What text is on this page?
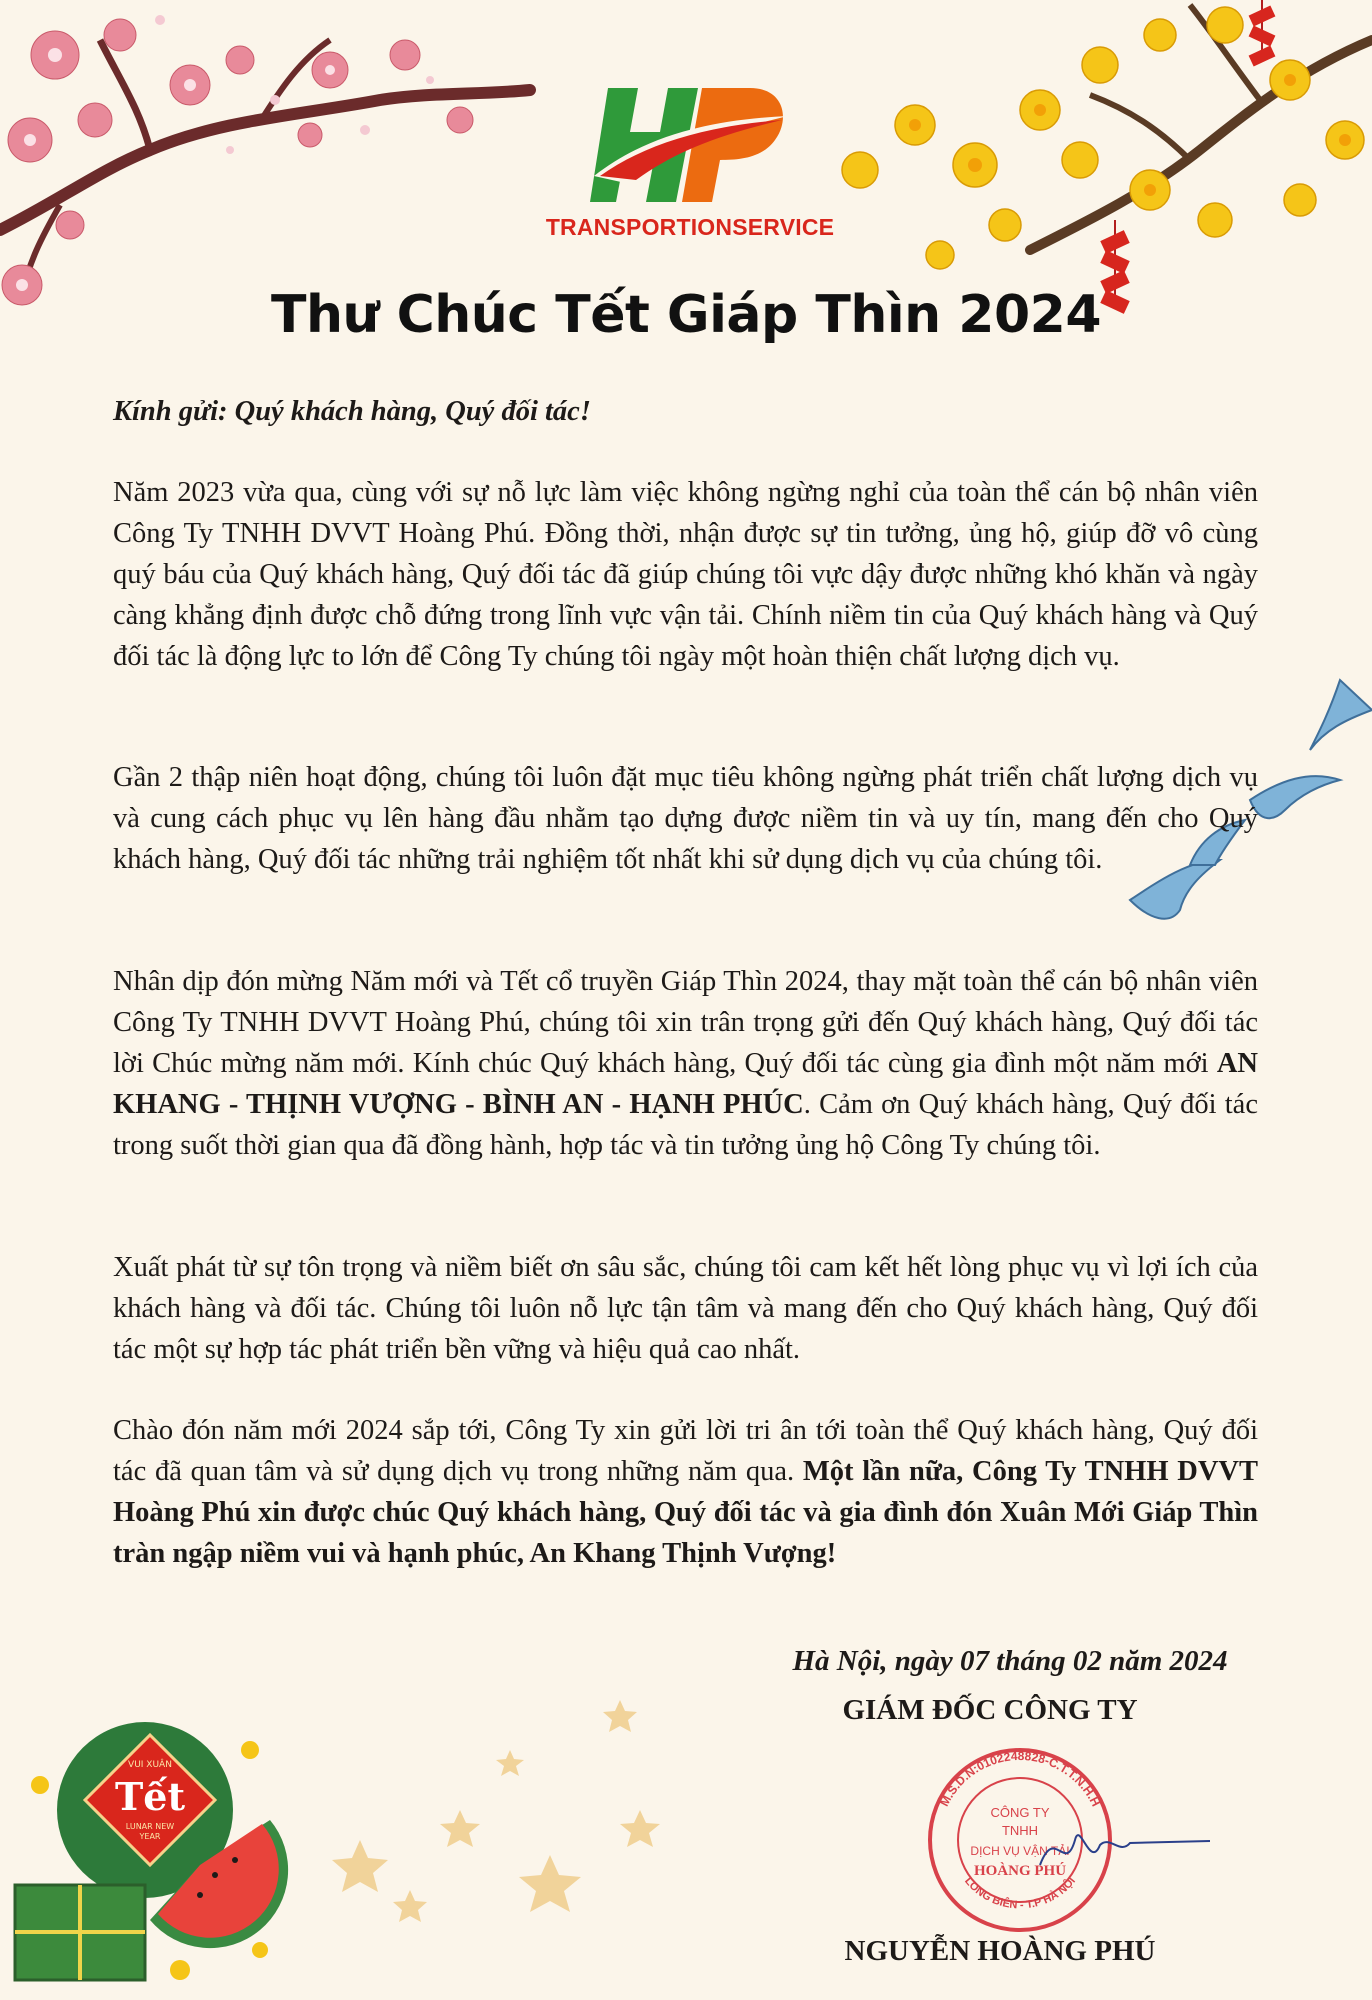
VUI XUÂN
Tết
LUNAR NEW YEAR
TRANSPORTIONSERVICE
Thư Chúc Tết Giáp Thìn 2024
Kính gửi: Quý khách hàng, Quý đối tác!

Năm 2023 vừa qua, cùng với sự nỗ lực làm việc không ngừng nghỉ của toàn thể cán bộ nhân viên Công Ty TNHH DVVT Hoàng Phú. Đồng thời, nhận được sự tin tưởng, ủng hộ, giúp đỡ vô cùng quý báu của Quý khách hàng, Quý đối tác đã giúp chúng tôi vực dậy được những khó khăn và ngày càng khẳng định được chỗ đứng trong lĩnh vực vận tải. Chính niềm tin của Quý khách hàng và Quý đối tác là động lực to lớn để Công Ty chúng tôi ngày một hoàn thiện chất lượng dịch vụ.

Gần 2 thập niên hoạt động, chúng tôi luôn đặt mục tiêu không ngừng phát triển chất lượng dịch vụ và cung cách phục vụ lên hàng đầu nhằm tạo dựng được niềm tin và uy tín, mang đến cho Quý khách hàng, Quý đối tác những trải nghiệm tốt nhất khi sử dụng dịch vụ của chúng tôi.

Nhân dịp đón mừng Năm mới và Tết cổ truyền Giáp Thìn 2024, thay mặt toàn thể cán bộ nhân viên Công Ty TNHH DVVT Hoàng Phú, chúng tôi xin trân trọng gửi đến Quý khách hàng, Quý đối tác lời Chúc mừng năm mới. Kính chúc Quý khách hàng, Quý đối tác cùng gia đình một năm mới AN KHANG - THỊNH VƯỢNG - BÌNH AN - HẠNH PHÚC. Cảm ơn Quý khách hàng, Quý đối tác trong suốt thời gian qua đã đồng hành, hợp tác và tin tưởng ủng hộ Công Ty chúng tôi.

Xuất phát từ sự tôn trọng và niềm biết ơn sâu sắc, chúng tôi cam kết hết lòng phục vụ vì lợi ích của khách hàng và đối tác. Chúng tôi luôn nỗ lực tận tâm và mang đến cho Quý khách hàng, Quý đối tác một sự hợp tác phát triển bền vững và hiệu quả cao nhất.

Chào đón năm mới 2024 sắp tới, Công Ty xin gửi lời tri ân tới toàn thể Quý khách hàng, Quý đối tác đã quan tâm và sử dụng dịch vụ trong những năm qua. Một lần nữa, Công Ty TNHH DVVT Hoàng Phú xin được chúc Quý khách hàng, Quý đối tác và gia đình đón Xuân Mới Giáp Thìn tràn ngập niềm vui và hạnh phúc, An Khang Thịnh Vượng!

Hà Nội, ngày 07 tháng 02 năm 2024
GIÁM ĐỐC CÔNG TY
M.S.D.N:0102248828-C.T.T.N.H.H
LONG BIÊN - T.P HÀ NỘI
CÔNG TY
TNHH
DỊCH VỤ VẬN TẢI
HOÀNG PHÚ
NGUYỄN HOÀNG PHÚ
